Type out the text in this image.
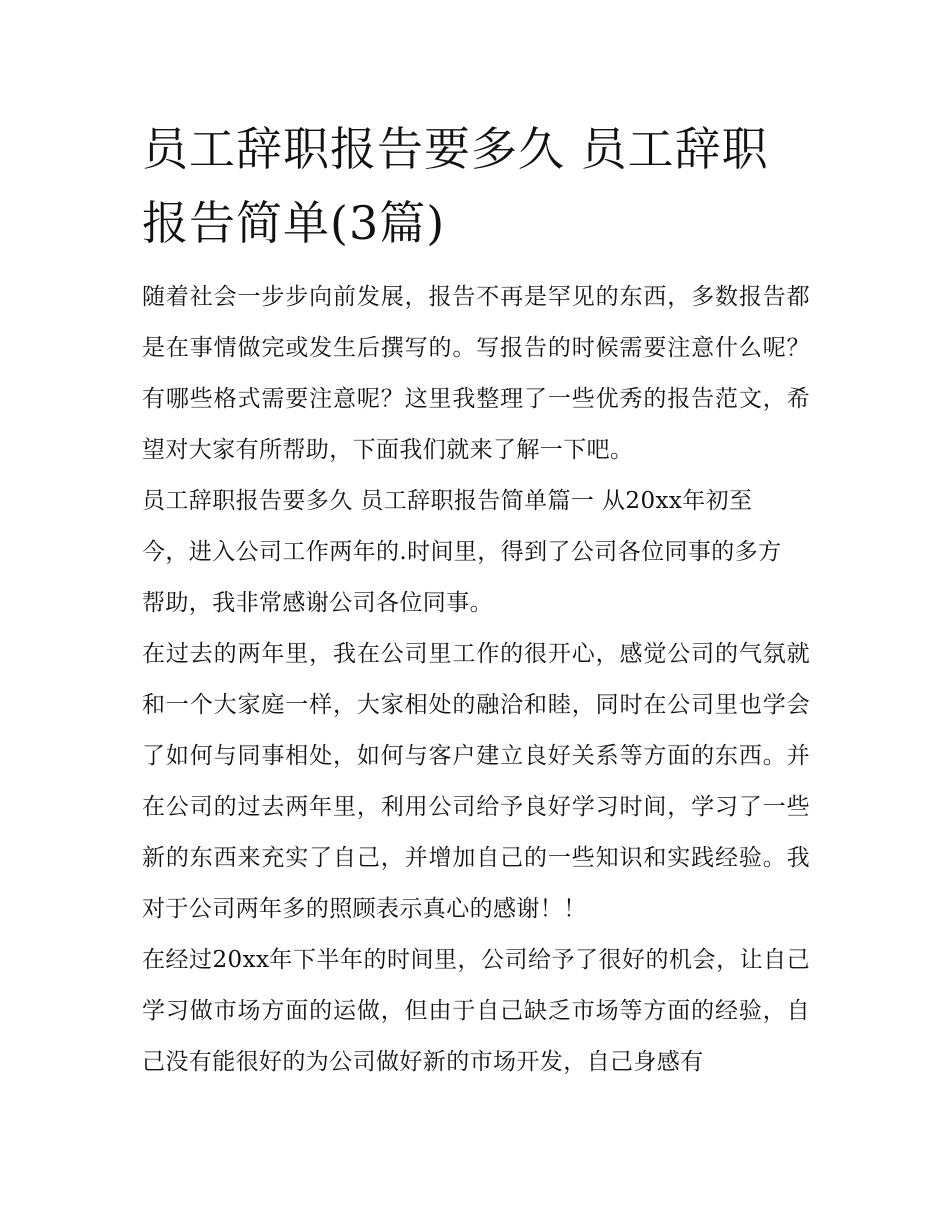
员工辞职报告要多久 员工辞职报告简单(3篇)

随着社会一步步向前发展，报告不再是罕见的东西，多数报告都是在事情做完或发生后撰写的。写报告的时候需要注意什么呢？有哪些格式需要注意呢？这里我整理了一些优秀的报告范文，希望对大家有所帮助，下面我们就来了解一下吧。

员工辞职报告要多久 员工辞职报告简单篇一 从20xx年初至今，进入公司工作两年的.时间里，得到了公司各位同事的多方帮助，我非常感谢公司各位同事。

在过去的两年里，我在公司里工作的很开心，感觉公司的气氛就和一个大家庭一样，大家相处的融洽和睦，同时在公司里也学会了如何与同事相处，如何与客户建立良好关系等方面的东西。并在公司的过去两年里，利用公司给予良好学习时间，学习了一些新的东西来充实了自己，并增加自己的一些知识和实践经验。我对于公司两年多的照顾表示真心的感谢！！

在经过20xx年下半年的时间里，公司给予了很好的机会，让自己学习做市场方面的运做，但由于自己缺乏市场等方面的经验，自己没有能很好的为公司做好新的市场开发，自己身感有
